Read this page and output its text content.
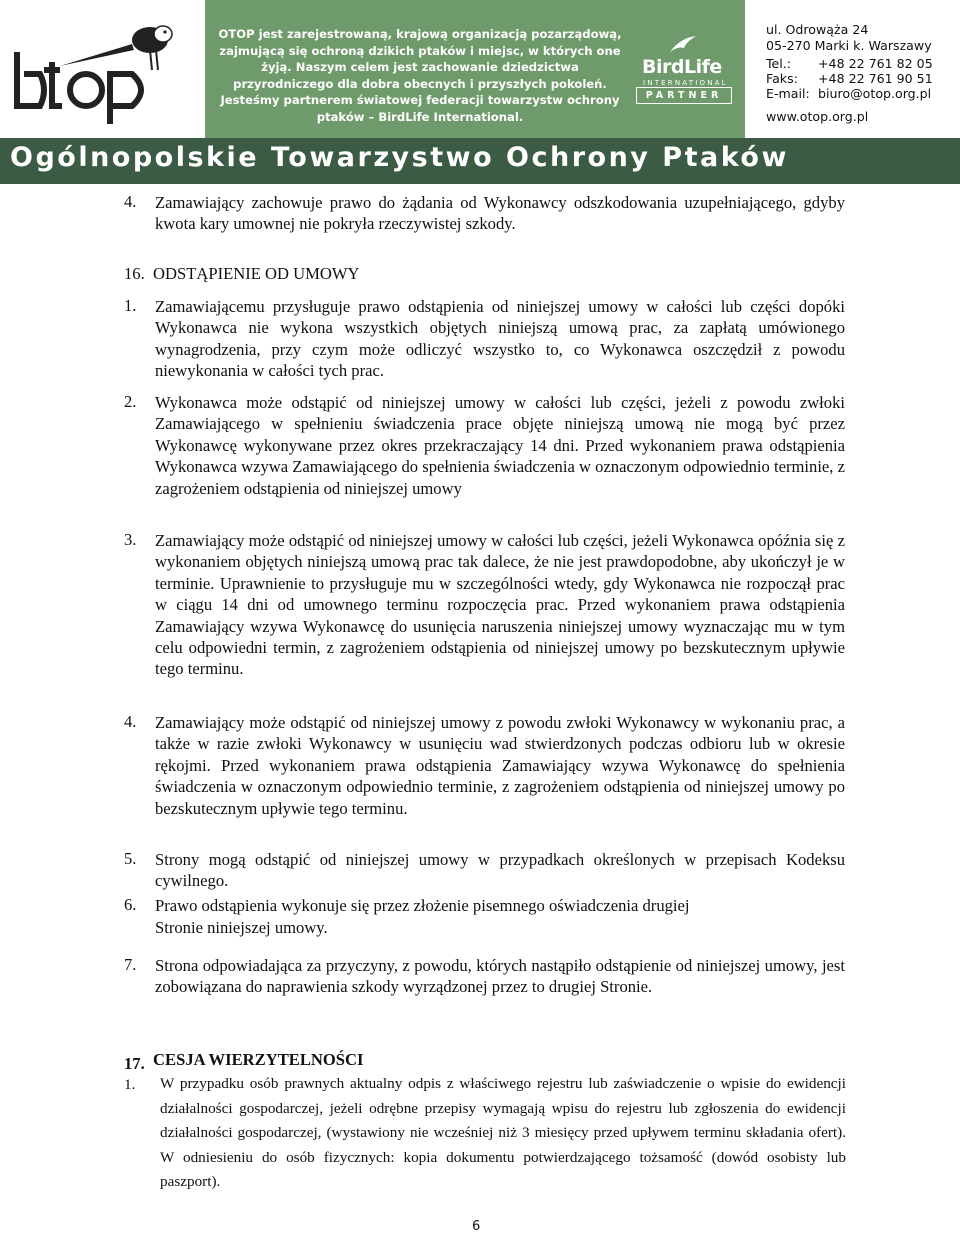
otop
OTOP jest zarejestrowaną, krajową organizacją pozarządową, zajmującą się ochroną dzikich ptaków i miejsc, w których one żyją. Naszym celem jest zachowanie dziedzictwa przyrodniczego dla dobra obecnych i przyszłych pokoleń. Jesteśmy partnerem światowej federacji towarzystw ochrony ptaków – BirdLife International.
BirdLife
INTERNATIONAL
PARTNER
ul. Odrowąża 24
05-270 Marki k. Warszawy
Tel.: +48 22 761 82 05
Faks: +48 22 761 90 51
E-mail: biuro@otop.org.pl
www.otop.org.pl
Ogólnopolskie Towarzystwo Ochrony Ptaków
4. Zamawiający zachowuje prawo do żądania od Wykonawcy odszkodowania uzupełniającego, gdyby kwota kary umownej nie pokryła rzeczywistej szkody.
16. ODSTĄPIENIE OD UMOWY
1. Zamawiającemu przysługuje prawo odstąpienia od niniejszej umowy w całości lub części dopóki Wykonawca nie wykona wszystkich objętych niniejszą umową prac, za zapłatą umówionego wynagrodzenia, przy czym może odliczyć wszystko to, co Wykonawca oszczędził z powodu niewykonania w całości tych prac.
2. Wykonawca może odstąpić od niniejszej umowy w całości lub części, jeżeli z powodu zwłoki Zamawiającego w spełnieniu świadczenia prace objęte niniejszą umową nie mogą być przez Wykonawcę wykonywane przez okres przekraczający 14 dni. Przed wykonaniem prawa odstąpienia Wykonawca wzywa Zamawiającego do spełnienia świadczenia w oznaczonym odpowiednio terminie, z zagrożeniem odstąpienia od niniejszej umowy
3. Zamawiający może odstąpić od niniejszej umowy w całości lub części, jeżeli Wykonawca opóźnia się z wykonaniem objętych niniejszą umową prac tak dalece, że nie jest prawdopodobne, aby ukończył je w terminie. Uprawnienie to przysługuje mu w szczególności wtedy, gdy Wykonawca nie rozpoczął prac w ciągu 14 dni od umownego terminu rozpoczęcia prac. Przed wykonaniem prawa odstąpienia Zamawiający wzywa Wykonawcę do usunięcia naruszenia niniejszej umowy wyznaczając mu w tym celu odpowiedni termin, z zagrożeniem odstąpienia od niniejszej umowy po bezskutecznym upływie tego terminu.
4. Zamawiający może odstąpić od niniejszej umowy z powodu zwłoki Wykonawcy w wykonaniu prac, a także w razie zwłoki Wykonawcy w usunięciu wad stwierdzonych podczas odbioru lub w okresie rękojmi. Przed wykonaniem prawa odstąpienia Zamawiający wzywa Wykonawcę do spełnienia świadczenia w oznaczonym odpowiednio terminie, z zagrożeniem odstąpienia od niniejszej umowy po bezskutecznym upływie tego terminu.
5. Strony mogą odstąpić od niniejszej umowy w przypadkach określonych w przepisach Kodeksu cywilnego.
6. Prawo odstąpienia wykonuje się przez złożenie pisemnego oświadczenia drugiej
Stronie niniejszej umowy.
7. Strona odpowiadająca za przyczyny, z powodu, których nastąpiło odstąpienie od niniejszej umowy, jest zobowiązana do naprawienia szkody wyrządzonej przez to drugiej Stronie.
17. CESJA WIERZYTELNOŚCI
1. W przypadku osób prawnych aktualny odpis z właściwego rejestru lub zaświadczenie o wpisie do ewidencji działalności gospodarczej, jeżeli odrębne przepisy wymagają wpisu do rejestru lub zgłoszenia do ewidencji działalności gospodarczej, (wystawiony nie wcześniej niż 3 miesięcy przed upływem terminu składania ofert). W odniesieniu do osób fizycznych: kopia dokumentu potwierdzającego tożsamość (dowód osobisty lub paszport).
6
